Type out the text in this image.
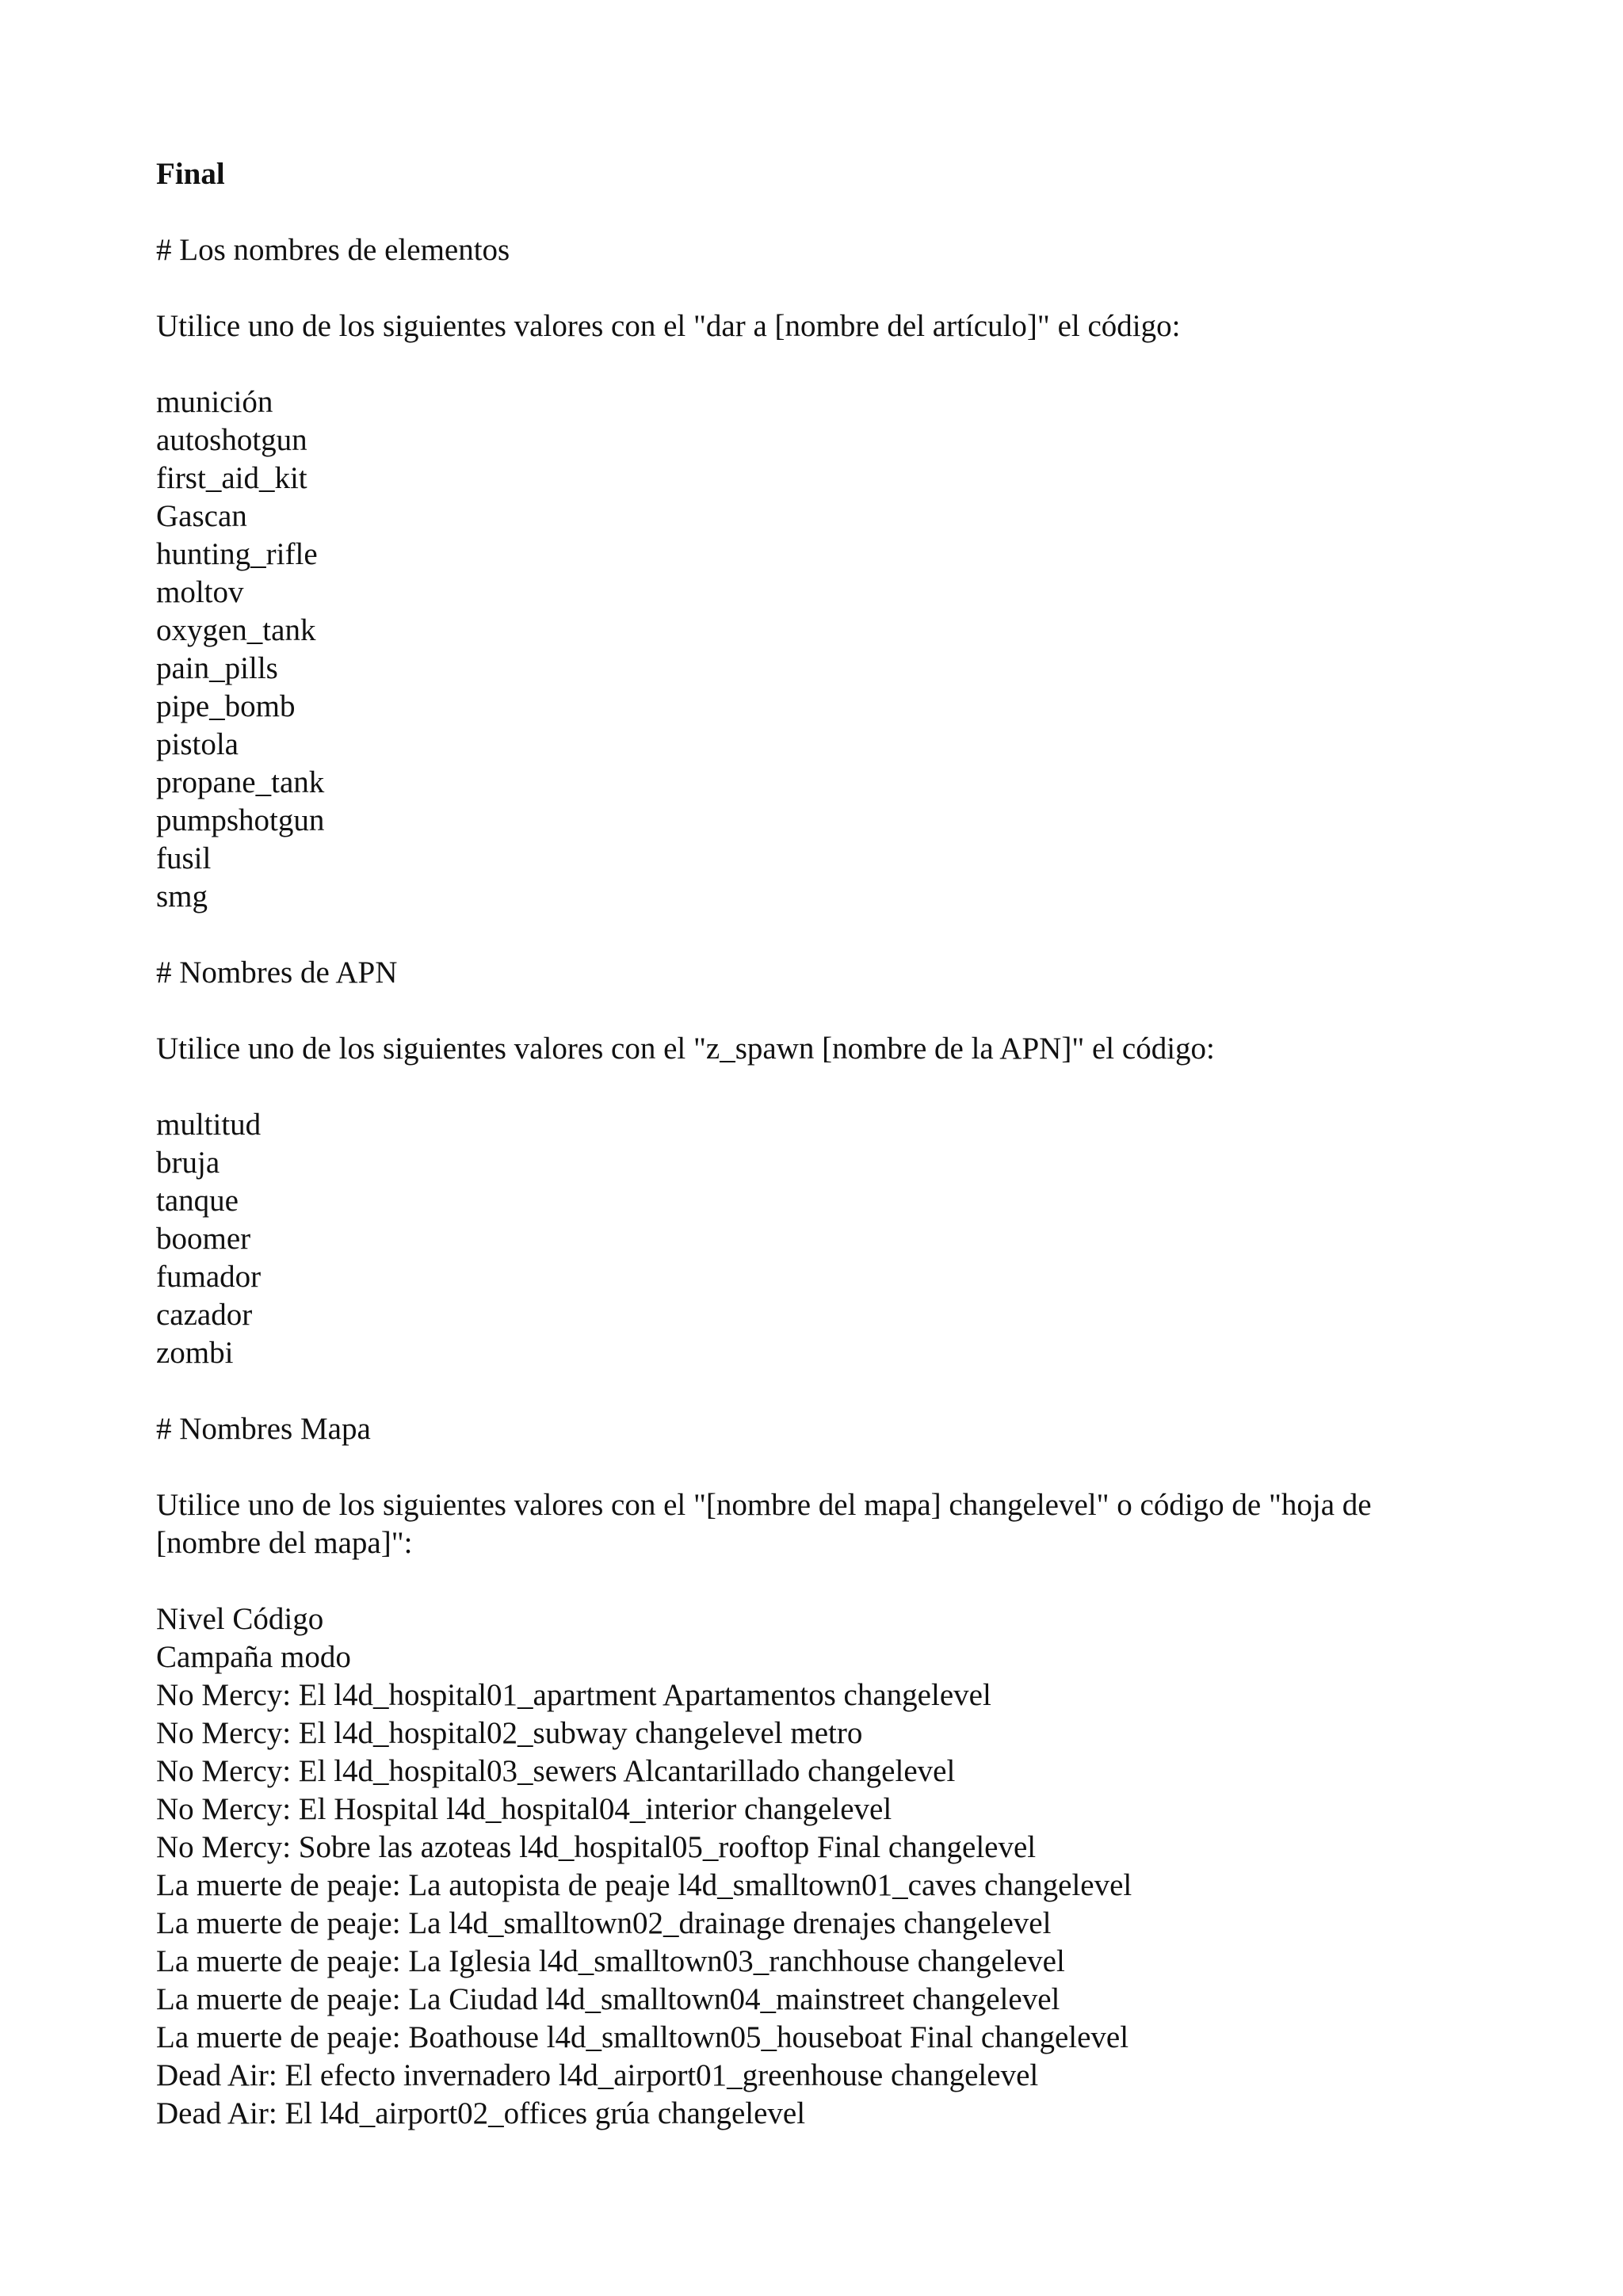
Final

# Los nombres de elementos

Utilice uno de los siguientes valores con el "dar a [nombre del artículo]" el código:

munición
autoshotgun
first_aid_kit
Gascan
hunting_rifle
moltov
oxygen_tank
pain_pills
pipe_bomb
pistola
propane_tank
pumpshotgun
fusil
smg

# Nombres de APN

Utilice uno de los siguientes valores con el "z_spawn [nombre de la APN]" el código:

multitud
bruja
tanque
boomer
fumador
cazador
zombi

# Nombres Mapa

Utilice uno de los siguientes valores con el "[nombre del mapa] changelevel" o código de "hoja de

[nombre del mapa]":

Nivel Código
Campaña modo
No Mercy: El l4d_hospital01_apartment Apartamentos changelevel
No Mercy: El l4d_hospital02_subway changelevel metro
No Mercy: El l4d_hospital03_sewers Alcantarillado changelevel
No Mercy: El Hospital l4d_hospital04_interior changelevel
No Mercy: Sobre las azoteas l4d_hospital05_rooftop Final changelevel
La muerte de peaje: La autopista de peaje l4d_smalltown01_caves changelevel
La muerte de peaje: La l4d_smalltown02_drainage drenajes changelevel
La muerte de peaje: La Iglesia l4d_smalltown03_ranchhouse changelevel
La muerte de peaje: La Ciudad l4d_smalltown04_mainstreet changelevel
La muerte de peaje: Boathouse l4d_smalltown05_houseboat Final changelevel
Dead Air: El efecto invernadero l4d_airport01_greenhouse changelevel
Dead Air: El l4d_airport02_offices grúa changelevel
